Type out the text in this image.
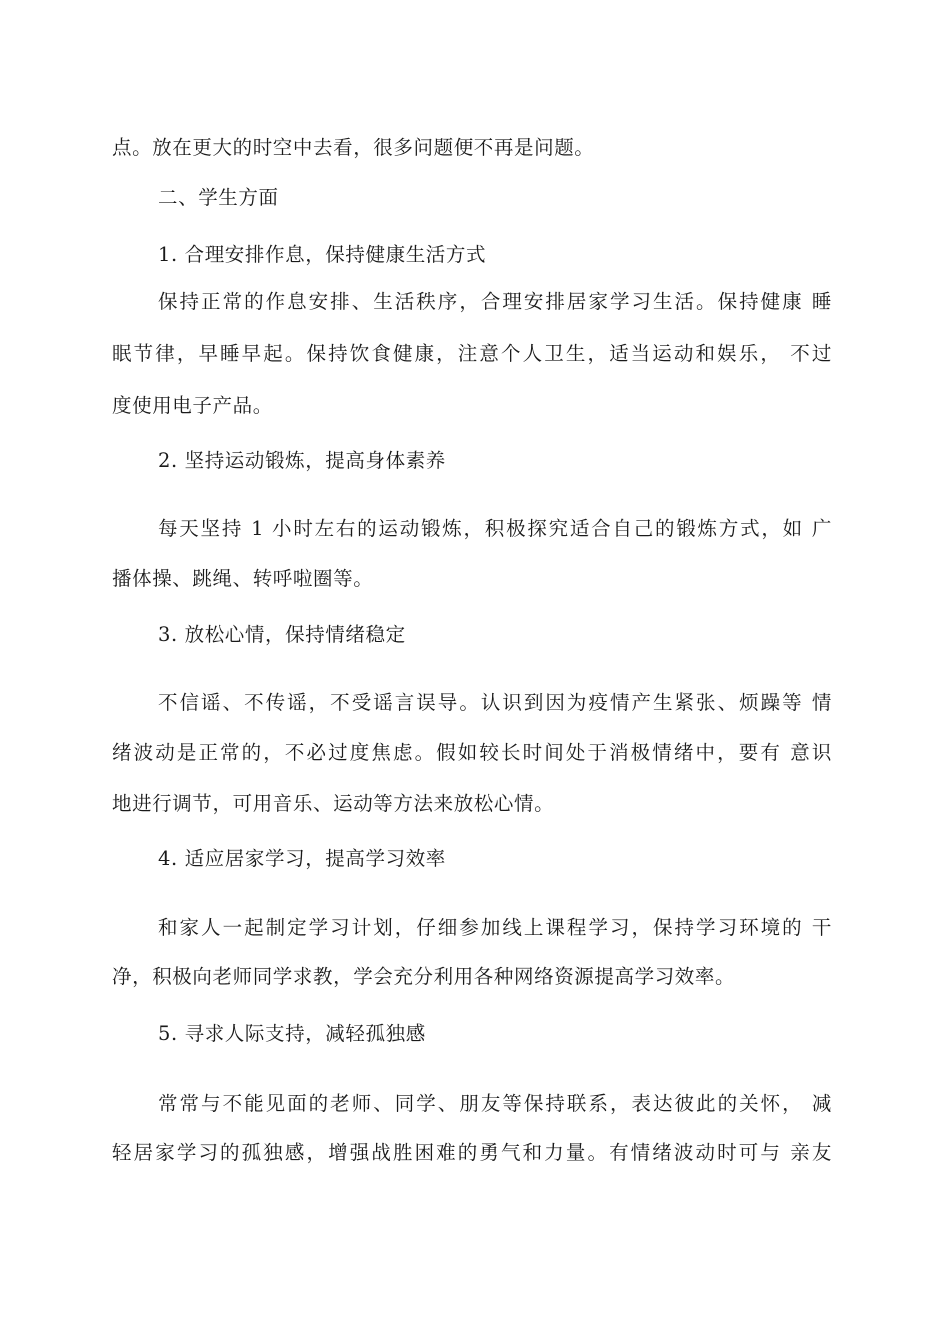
点。放在更大的时空中去看，很多问题便不再是问题。
二、学生方面
1. 合理安排作息，保持健康生活方式
保持正常的作息安排、生活秩序，合理安排居家学习生活。保持健康 睡
眠节律，早睡早起。保持饮食健康，注意个人卫生，适当运动和娱乐， 不过
度使用电子产品。
2. 坚持运动锻炼，提高身体素养
每天坚持 1 小时左右的运动锻炼，积极探究适合自己的锻炼方式，如 广
播体操、跳绳、转呼啦圈等。
3. 放松心情，保持情绪稳定
不信谣、不传谣，不受谣言误导。认识到因为疫情产生紧张、烦躁等 情
绪波动是正常的，不必过度焦虑。假如较长时间处于消极情绪中，要有 意识
地进行调节，可用音乐、运动等方法来放松心情。
4. 适应居家学习，提高学习效率
和家人一起制定学习计划，仔细参加线上课程学习，保持学习环境的 干
净，积极向老师同学求教，学会充分利用各种网络资源提高学习效率。
5. 寻求人际支持，减轻孤独感
常常与不能见面的老师、同学、朋友等保持联系，表达彼此的关怀， 减
轻居家学习的孤独感，增强战胜困难的勇气和力量。有情绪波动时可与 亲友
